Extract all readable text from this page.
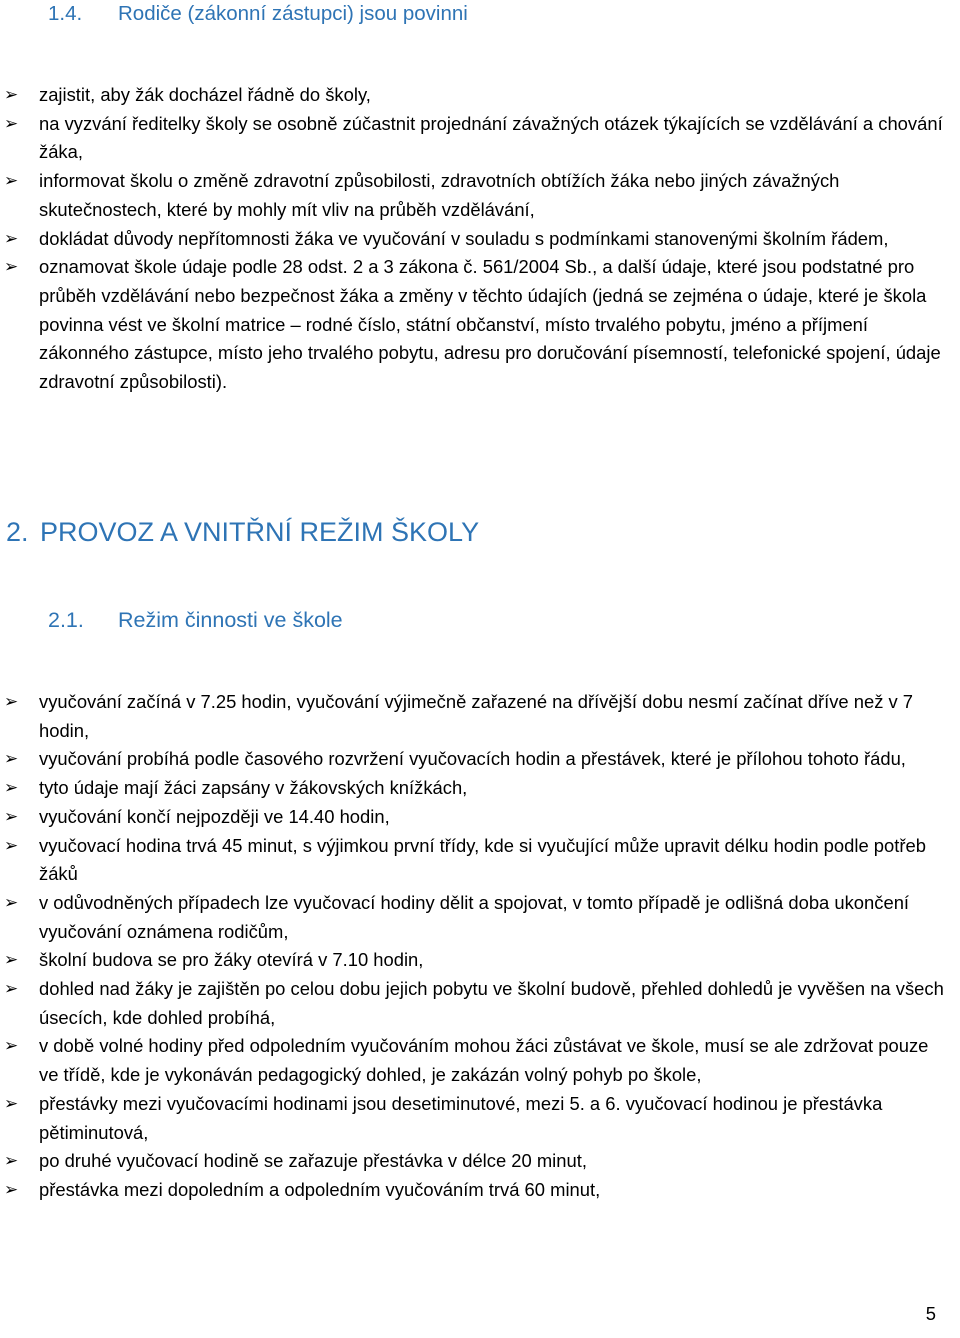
1.4. Rodiče (zákonní zástupci) jsou povinni
➢ zajistit, aby žák docházel řádně do školy,
➢ na vyzvání ředitelky školy se osobně zúčastnit projednání závažných otázek týkajících se vzdělávání a chování žáka,
➢ informovat školu o změně zdravotní způsobilosti, zdravotních obtížích žáka nebo jiných závažných skutečnostech, které by mohly mít vliv na průběh vzdělávání,
➢ dokládat důvody nepřítomnosti žáka ve vyučování v souladu s podmínkami stanovenými školním řádem,
➢ oznamovat škole údaje podle 28 odst. 2 a 3 zákona č. 561/2004 Sb., a další údaje, které jsou podstatné pro průběh vzdělávání nebo bezpečnost žáka a změny v těchto údajích (jedná se zejména o údaje, které je škola povinna vést ve školní matrice – rodné číslo, státní občanství, místo trvalého pobytu, jméno a příjmení zákonného zástupce, místo jeho trvalého pobytu, adresu pro doručování písemností, telefonické spojení, údaje zdravotní způsobilosti).
2. PROVOZ A VNITŘNÍ REŽIM ŠKOLY
2.1. Režim činnosti ve škole
➢ vyučování začíná v 7.25 hodin, vyučování výjimečně zařazené na dřívější dobu nesmí začínat dříve než v 7 hodin,
➢ vyučování probíhá podle časového rozvržení vyučovacích hodin a přestávek, které je přílohou tohoto řádu,
➢ tyto údaje mají žáci zapsány v žákovských knížkách,
➢ vyučování končí nejpozději ve 14.40 hodin,
➢ vyučovací hodina trvá 45 minut, s výjimkou první třídy, kde si vyučující může upravit délku hodin podle potřeb žáků
➢ v odůvodněných případech lze vyučovací hodiny dělit a spojovat, v tomto případě je odlišná doba ukončení vyučování oznámena rodičům,
➢ školní budova se pro žáky otevírá v 7.10 hodin,
➢ dohled nad žáky je zajištěn po celou dobu jejich pobytu ve školní budově, přehled dohledů je vyvěšen na všech úsecích, kde dohled probíhá,
➢ v době volné hodiny před odpoledním vyučováním mohou žáci zůstávat ve škole, musí se ale zdržovat pouze ve třídě, kde je vykonáván pedagogický dohled, je zakázán volný pohyb po škole,
➢ přestávky mezi vyučovacími hodinami jsou desetiminutové, mezi 5. a 6. vyučovací hodinou je přestávka pětiminutová,
➢ po druhé vyučovací hodině se zařazuje přestávka v délce 20 minut,
➢ přestávka mezi dopoledním a odpoledním vyučováním trvá 60 minut,
5
